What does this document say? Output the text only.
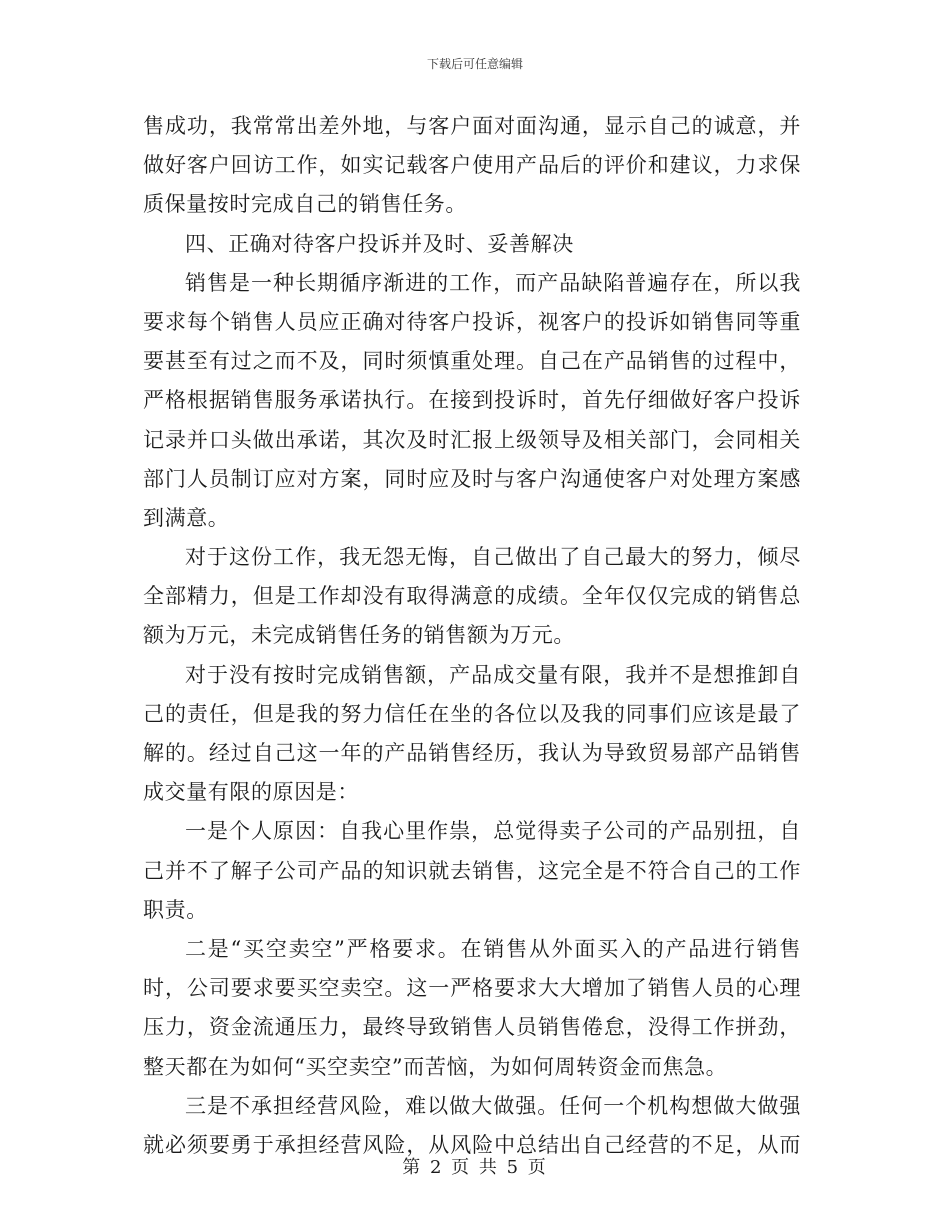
下载后可任意编辑
售成功，我常常出差外地，与客户面对面沟通，显示自己的诚意，并
做好客户回访工作，如实记载客户使用产品后的评价和建议，力求保
质保量按时完成自己的销售任务。
四、正确对待客户投诉并及时、妥善解决
销售是一种长期循序渐进的工作，而产品缺陷普遍存在，所以我
要求每个销售人员应正确对待客户投诉，视客户的投诉如销售同等重
要甚至有过之而不及，同时须慎重处理。自己在产品销售的过程中，
严格根据销售服务承诺执行。在接到投诉时，首先仔细做好客户投诉
记录并口头做出承诺，其次及时汇报上级领导及相关部门，会同相关
部门人员制订应对方案，同时应及时与客户沟通使客户对处理方案感
到满意。
对于这份工作，我无怨无悔，自己做出了自己最大的努力，倾尽
全部精力，但是工作却没有取得满意的成绩。全年仅仅完成的销售总
额为万元，未完成销售任务的销售额为万元。
对于没有按时完成销售额，产品成交量有限，我并不是想推卸自
己的责任，但是我的努力信任在坐的各位以及我的同事们应该是最了
解的。经过自己这一年的产品销售经历，我认为导致贸易部产品销售
成交量有限的原因是：
一是个人原因：自我心里作祟，总觉得卖子公司的产品别扭，自
己并不了解子公司产品的知识就去销售，这完全是不符合自己的工作
职责。
二是“买空卖空”严格要求。在销售从外面买入的产品进行销售
时，公司要求要买空卖空。这一严格要求大大增加了销售人员的心理
压力，资金流通压力，最终导致销售人员销售倦怠，没得工作拼劲，
整天都在为如何“买空卖空”而苦恼，为如何周转资金而焦急。
三是不承担经营风险，难以做大做强。任何一个机构想做大做强
就必须要勇于承担经营风险，从风险中总结出自己经营的不足，从而
第 2 页 共 5 页
